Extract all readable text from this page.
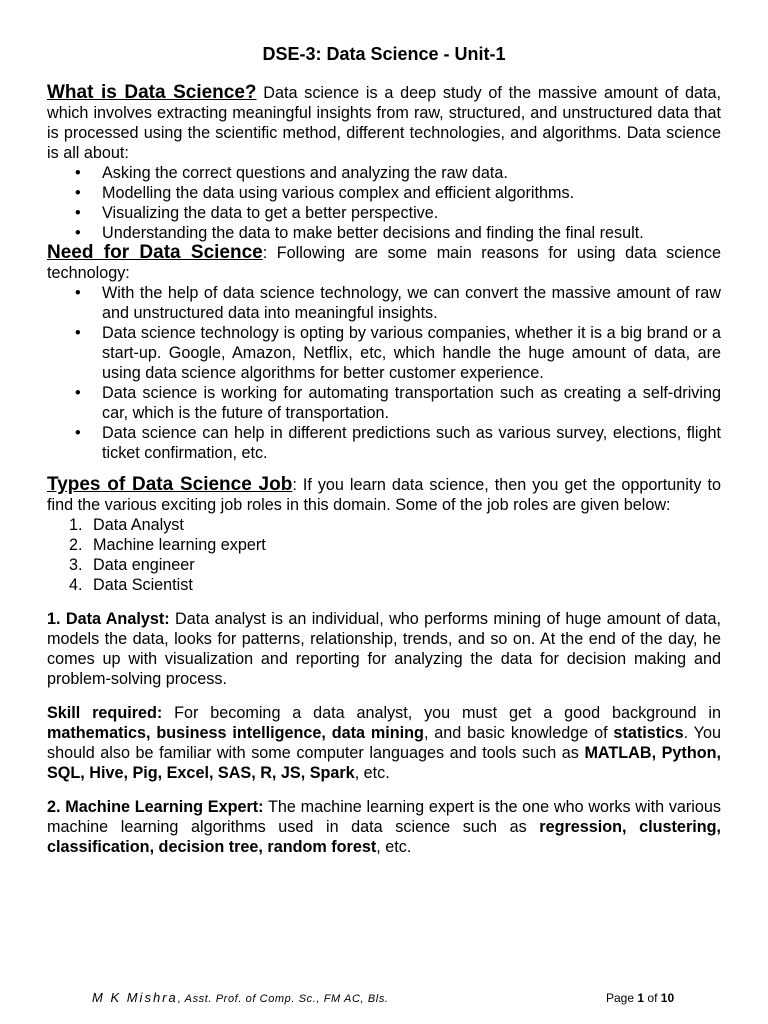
DSE-3: Data Science - Unit-1

What is Data Science? Data science is a deep study of the massive amount of data, which involves extracting meaningful insights from raw, structured, and unstructured data that is processed using the scientific method, different technologies, and algorithms. Data science is all about:

• Asking the correct questions and analyzing the raw data.
• Modelling the data using various complex and efficient algorithms.
• Visualizing the data to get a better perspective.
• Understanding the data to make better decisions and finding the final result.

Need for Data Science: Following are some main reasons for using data science technology:

• With the help of data science technology, we can convert the massive amount of raw and unstructured data into meaningful insights.
• Data science technology is opting by various companies, whether it is a big brand or a start-up. Google, Amazon, Netflix, etc, which handle the huge amount of data, are using data science algorithms for better customer experience.
• Data science is working for automating transportation such as creating a self-driving car, which is the future of transportation.
• Data science can help in different predictions such as various survey, elections, flight ticket confirmation, etc.

Types of Data Science Job: If you learn data science, then you get the opportunity to find the various exciting job roles in this domain. Some of the job roles are given below:

1. Data Analyst
2. Machine learning expert
3. Data engineer
4. Data Scientist

1. Data Analyst: Data analyst is an individual, who performs mining of huge amount of data, models the data, looks for patterns, relationship, trends, and so on. At the end of the day, he comes up with visualization and reporting for analyzing the data for decision making and problem-solving process.

Skill required: For becoming a data analyst, you must get a good background in mathematics, business intelligence, data mining, and basic knowledge of statistics. You should also be familiar with some computer languages and tools such as MATLAB, Python, SQL, Hive, Pig, Excel, SAS, R, JS, Spark, etc.

2. Machine Learning Expert: The machine learning expert is the one who works with various machine learning algorithms used in data science such as regression, clustering, classification, decision tree, random forest, etc.

M K Mishra, Asst. Prof. of Comp. Sc., FM AC, Bls.	Page 1 of 10
